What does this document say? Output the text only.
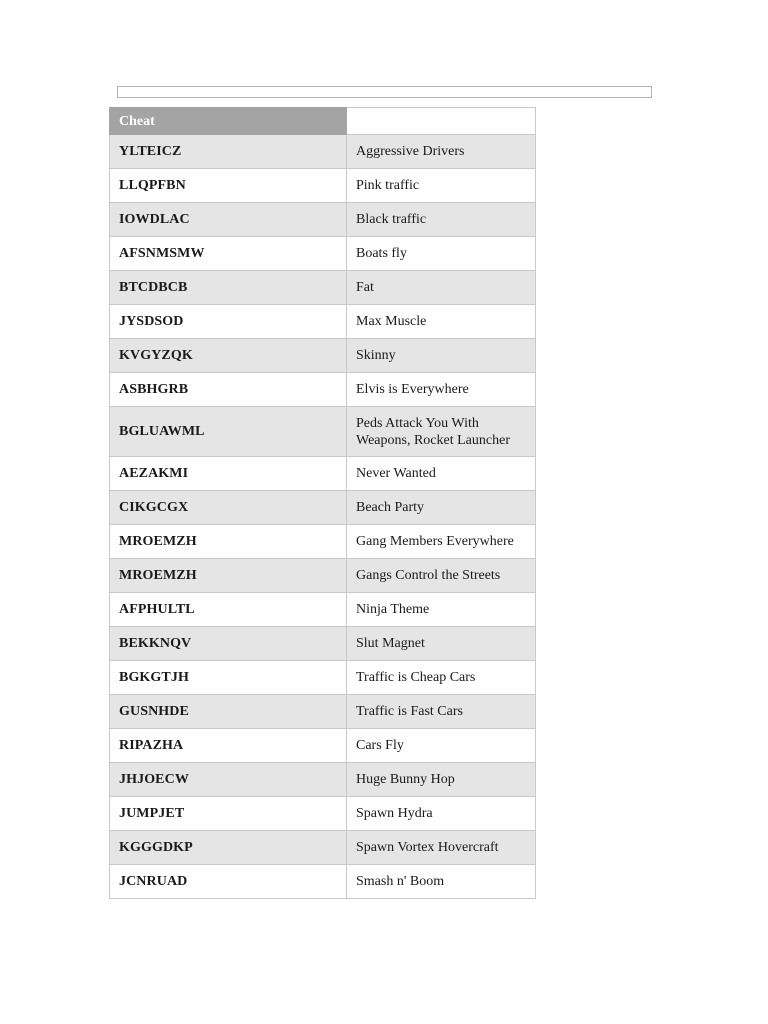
Cheat	
YLTEICZ	Aggressive Drivers
LLQPFBN	Pink traffic
IOWDLAC	Black traffic
AFSNMSMW	Boats fly
BTCDBCB	Fat
JYSDSOD	Max Muscle
KVGYZQK	Skinny
ASBHGRB	Elvis is Everywhere
BGLUAWML	Peds Attack You With Weapons, Rocket Launcher
AEZAKMI	Never Wanted
CIKGCGX	Beach Party
MROEMZH	Gang Members Everywhere
MROEMZH	Gangs Control the Streets
AFPHULTL	Ninja Theme
BEKKNQV	Slut Magnet
BGKGTJH	Traffic is Cheap Cars
GUSNHDE	Traffic is Fast Cars
RIPAZHA	Cars Fly
JHJOECW	Huge Bunny Hop
JUMPJET	Spawn Hydra
KGGGDKP	Spawn Vortex Hovercraft
JCNRUAD	Smash n' Boom
